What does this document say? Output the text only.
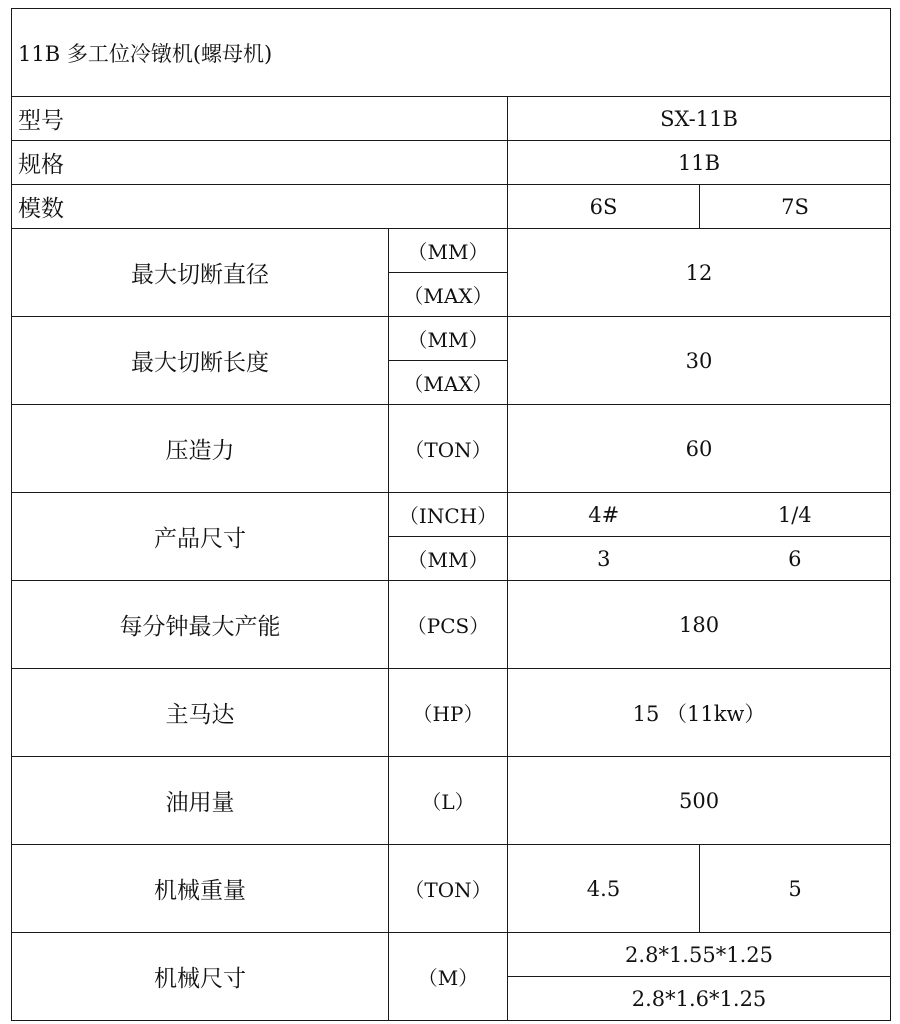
11B 多工位冷镦机(螺母机)			
型号		SX-11B	
规格		11B	
模数		6S	7S
最大切断直径	（MM）	12	
	（MAX）		
最大切断长度	（MM）	30	
	（MAX）		
压造力	（TON）	60	
产品尺寸	（INCH）	4#	1/4
	（MM）	3	6
每分钟最大产能	（PCS）	180	
主马达	（HP）	15 （11kw）	
油用量	（L）	500	
机械重量	（TON）	4.5	5
机械尺寸	（M）	2.8*1.55*1.25	
		2.8*1.6*1.25	
